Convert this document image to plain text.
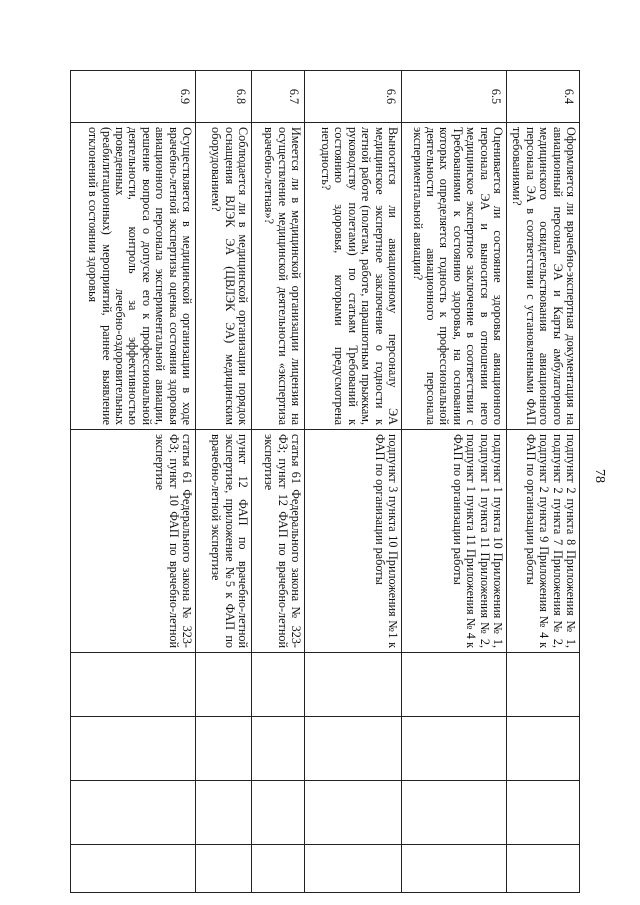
78
6.4	Оформляется ли врачебно-экспертная документация на авиационный персонал ЭА и Карты амбулаторного медицинского освидетельствования авиационного персонала ЭА в соответствии с установленными ФАП требованиями?	подпункт 2 пункта 8 Приложения № 1, подпункт 2 пункта 7 Приложения № 2, подпункт 2 пункта 9 Приложения № 4 к ФАП по организации работы				
6.5	Оценивается ли состояние здоровья авиационного персонала ЭА и выносится в отношении него медицинское экспертное заключение в соответствии с Требованиями к состоянию здоровья, на основании которых определяется годность к профессиональной деятельности авиационного персонала экспериментальной авиации?	подпункт 1 пункта 10 Приложения № 1, подпункт 1 пункта 11 Приложения № 2, подпункт 1 пункта 11 Приложения № 4 к ФАП по организации работы				
6.6	Выносится ли авиационному персоналу ЭА медицинское экспертное заключение о годности к летной работе (полетам, работе, парашютным прыжкам, руководству полетами) по статьям Требований к состоянию здоровья, которыми предусмотрена негодность?	подпункт 3 пункта 10 Приложения №1 к ФАП по организации работы				
6.7	Имеется ли в медицинской организации лицензия на осуществление медицинской деятельности «экспертиза врачебно-летная»?	статья 61 Федерального закона № 323-ФЗ; пункт 12 ФАП по врачебно-летной экспертизе				
6.8	Соблюдается ли в медицинской организации порядок оснащения ВЛЭК ЭА (ЦВЛЭК ЭА) медицинским оборудованием?	пункт 12 ФАП по врачебно-летной экспертизе, приложение №5 к ФАП по врачебно-летной экспертизе				
6.9	Осуществляется в медицинской организации в ходе врачебно-летной экспертизы оценка состояния здоровья авиационного персонала экспериментальной авиации, решение вопроса о допуске его к профессиональной деятельности, контроль за эффективностью проведенных лечебно-оздоровительных (реабилитационных) мероприятий, раннее выявление отклонений в состоянии здоровья	статья 61 Федерального закона № 323-ФЗ; пункт 10 ФАП по врачебно-летной экспертизе				
